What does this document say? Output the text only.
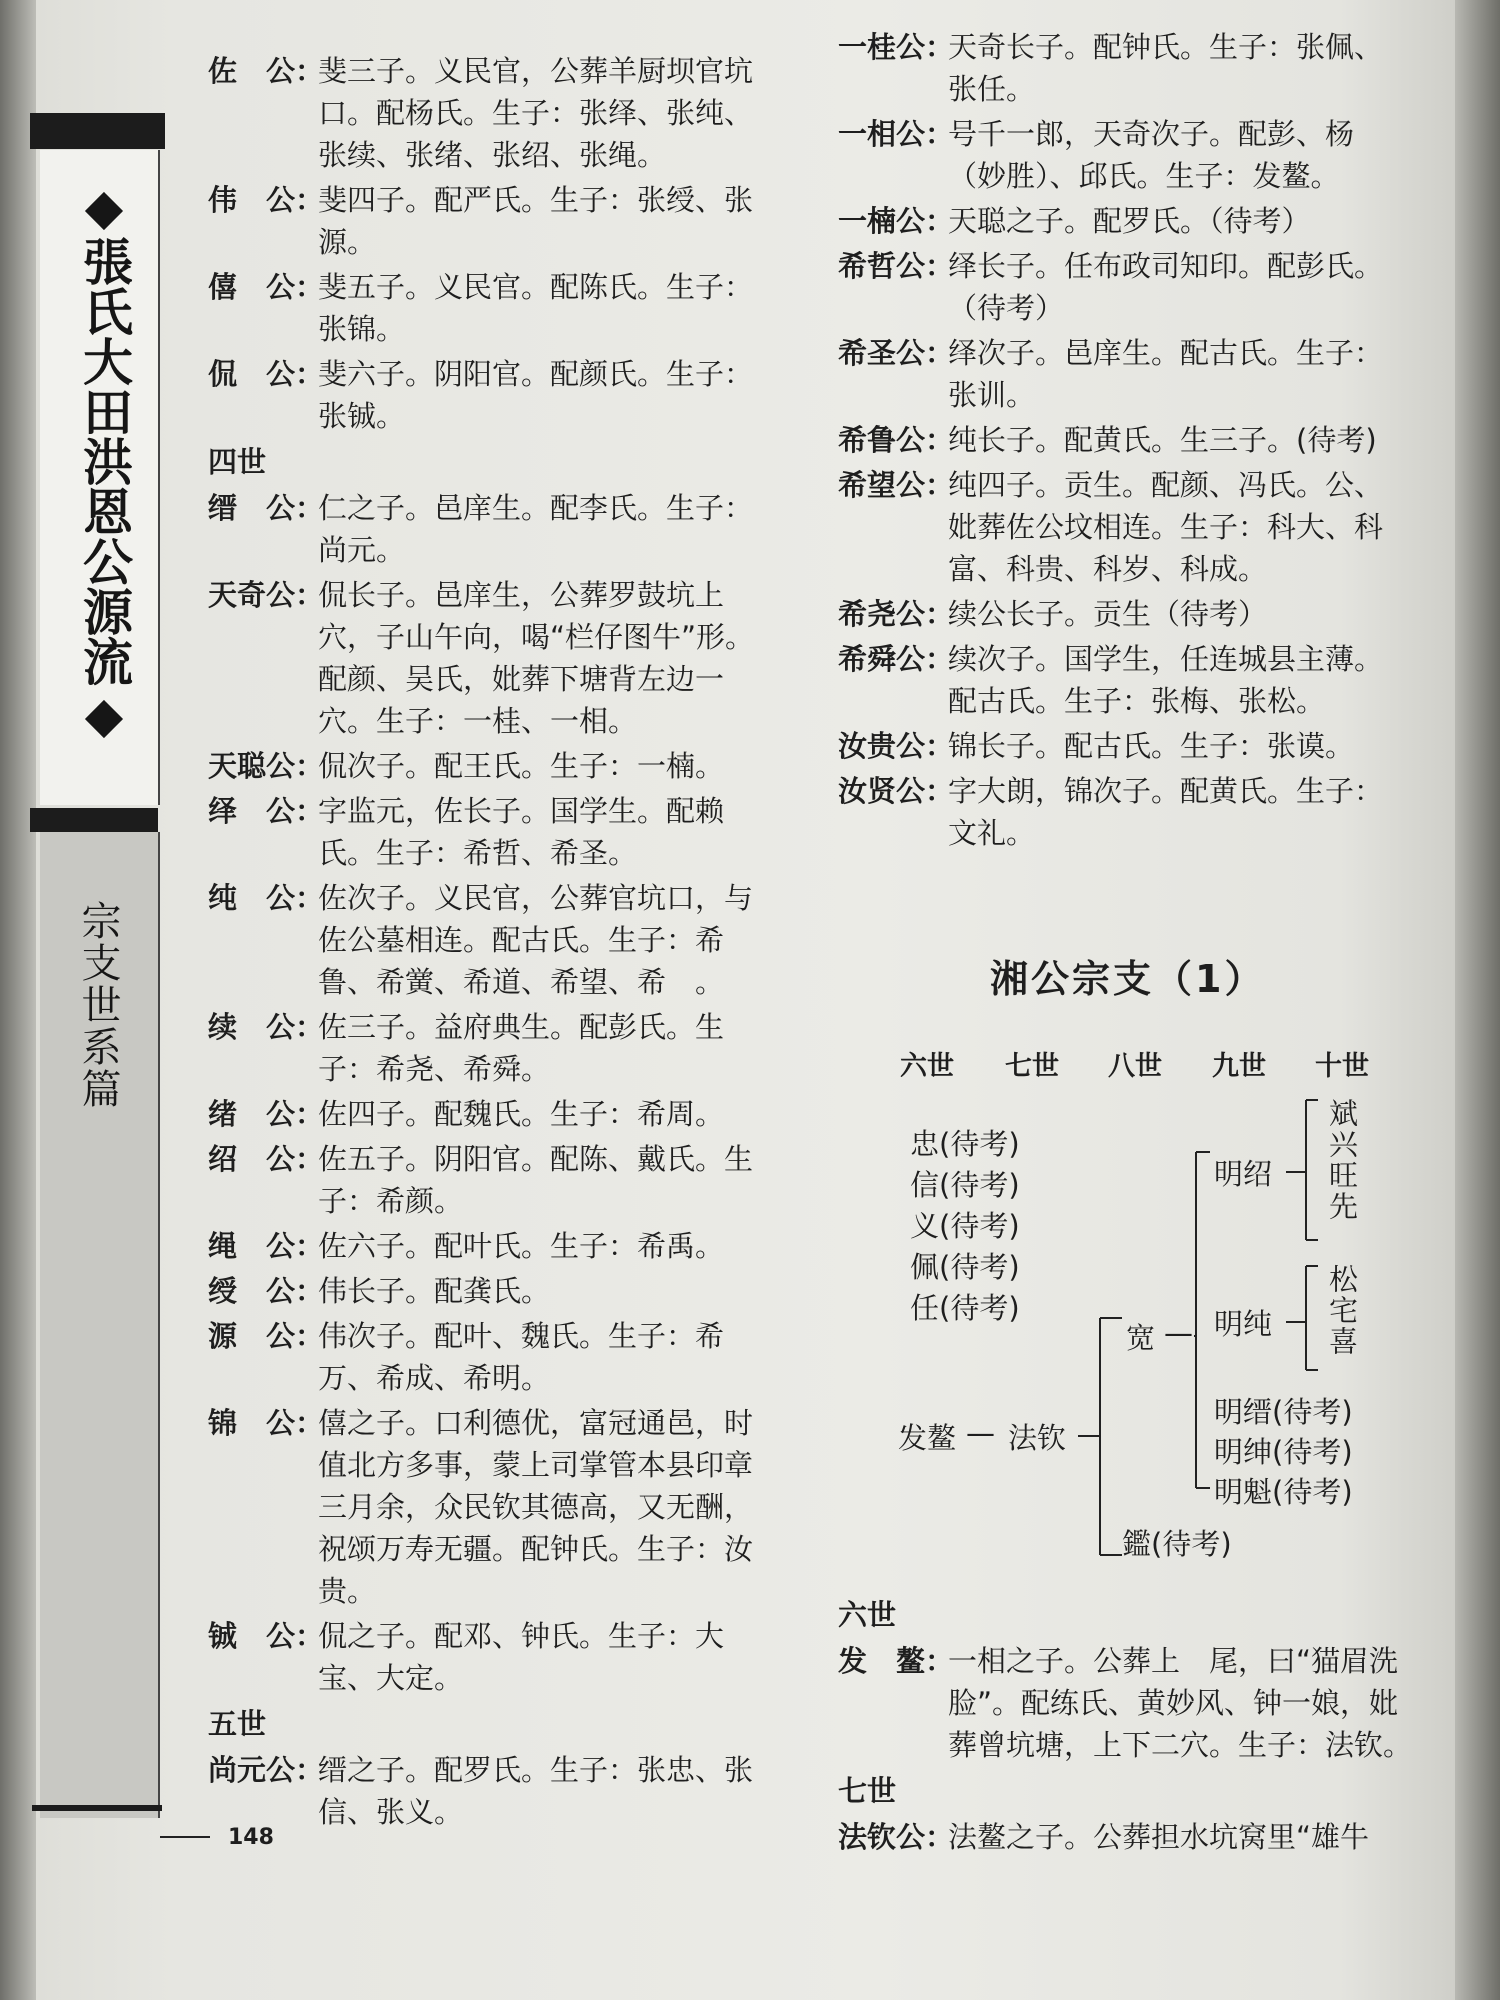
◆張氏大田洪恩公源流◆
宗支世系篇
148
佐　公：
斐三子。义民官，公葬羊厨坝官坑口。配杨氏。生子：张绎、张纯、张续、张绪、张绍、张绳。
伟　公：
斐四子。配严氏。生子：张绶、张源。
僖　公：
斐五子。义民官。配陈氏。生子：张锦。
侃　公：
斐六子。阴阳官。配颜氏。生子：张铖。
四世
缙　公：
仁之子。邑庠生。配李氏。生子：尚元。
天奇公：
侃长子。邑庠生，公葬罗鼓坑上穴，子山午向，喝“栏仔图牛”形。配颜、吴氏，妣葬下塘背左边一穴。生子：一桂、一相。
天聪公：
侃次子。配王氏。生子：一楠。
绎　公：
字监元，佐长子。国学生。配赖氏。生子：希哲、希圣。
纯　公：
佐次子。义民官，公葬官坑口，与佐公墓相连。配古氏。生子：希鲁、希黉、希道、希望、希　。
续　公：
佐三子。益府典生。配彭氏。生子：希尧、希舜。
绪　公：
佐四子。配魏氏。生子：希周。
绍　公：
佐五子。阴阳官。配陈、戴氏。生子：希颜。
绳　公：
佐六子。配叶氏。生子：希禹。
绶　公：
伟长子。配龚氏。
源　公：
伟次子。配叶、魏氏。生子：希万、希成、希明。
锦　公：
僖之子。口利德优，富冠通邑，时值北方多事，蒙上司掌管本县印章三月余，众民钦其德高，又无酬，祝颂万寿无疆。配钟氏。生子：汝贵。
铖　公：
侃之子。配邓、钟氏。生子：大宝、大定。
五世
尚元公：
缙之子。配罗氏。生子：张忠、张信、张义。
一桂公：
天奇长子。配钟氏。生子：张佩、张任。
一相公：
号千一郎，天奇次子。配彭、杨（妙胜）、邱氏。生子：发鳌。
一楠公：
天聪之子。配罗氏。（待考）
希哲公：
绎长子。任布政司知印。配彭氏。（待考）
希圣公：
绎次子。邑庠生。配古氏。生子：张训。
希鲁公：
纯长子。配黄氏。生三子。(待考)
希望公：
纯四子。贡生。配颜、冯氏。公、妣葬佐公坟相连。生子：科大、科富、科贵、科岁、科成。
希尧公：
续公长子。贡生（待考）
希舜公：
续次子。国学生，任连城县主薄。配古氏。生子：张梅、张松。
汝贵公：
锦长子。配古氏。生子：张谟。
汝贤公：
字大朗，锦次子。配黄氏。生子：文礼。
湘公宗支（1）
六世 七世 八世 九世 十世
忠(待考)
信(待考)
义(待考)
佩(待考)
任(待考)
发鳌 — 法钦
宽 —
鑑(待考)
明绍
明纯
明缙(待考)
明绅(待考)
明魁(待考)
斌兴旺先
松宅喜
六世
发　鳌：
一相之子。公葬上　尾，曰“猫眉洗脸”。配练氏、黄妙风、钟一娘，妣葬曾坑塘，上下二穴。生子：法钦。
七世
法钦公：
法鳌之子。公葬担水坑窝里“雄牛
